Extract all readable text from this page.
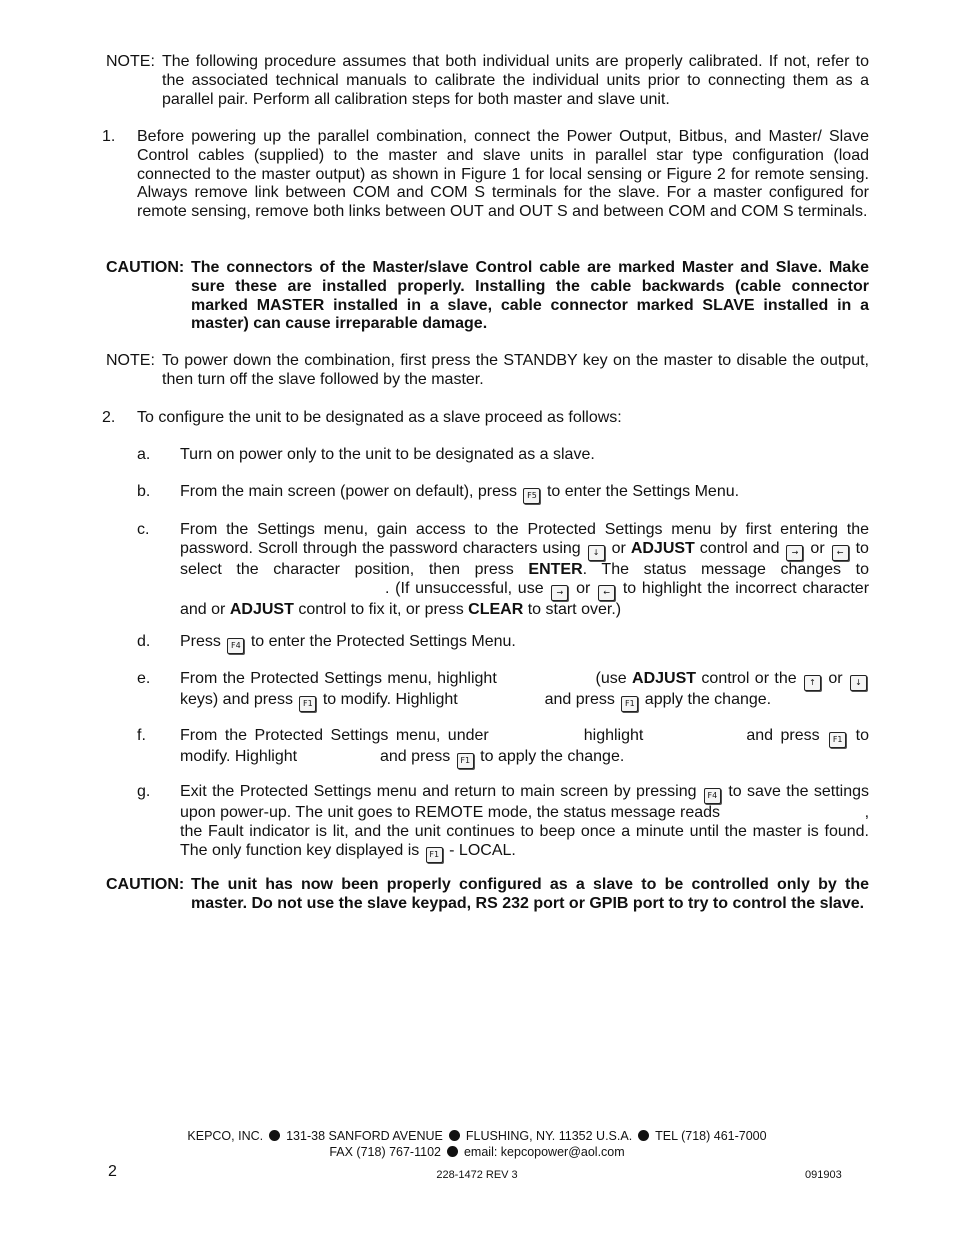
NOTE: The following procedure assumes that both individual units are properly calibrated. If not, refer to the associated technical manuals to calibrate the individual units prior to connecting them as a parallel pair. Perform all calibration steps for both master and slave unit.
1. Before powering up the parallel combination, connect the Power Output, Bitbus, and Master/ Slave Control cables (supplied) to the master and slave units in parallel star type configuration (load connected to the master output) as shown in Figure 1 for local sensing or Figure 2 for remote sensing. Always remove link between COM and COM S terminals for the slave. For a master configured for remote sensing, remove both links between OUT and OUT S and between COM and COM S terminals.
CAUTION: The connectors of the Master/slave Control cable are marked Master and Slave. Make sure these are installed properly. Installing the cable backwards (cable connector marked MASTER installed in a slave, cable connector marked SLAVE installed in a master) can cause irreparable damage.
NOTE: To power down the combination, first press the STANDBY key on the master to disable the output, then turn off the slave followed by the master.
2. To configure the unit to be designated as a slave proceed as follows:
a. Turn on power only to the unit to be designated as a slave.
b. From the main screen (power on default), press F5 to enter the Settings Menu.
c. From the Settings menu, gain access to the Protected Settings menu by first entering the password. Scroll through the password characters using ↓ or ADJUST control and → or ← to select the character position, then press ENTER. The status message changes to . (If unsuccessful, use → or ← to highlight the incorrect character and or ADJUST control to fix it, or press CLEAR to start over.)
d. Press F4 to enter the Protected Settings Menu.
e. From the Protected Settings menu, highlight	(use ADJUST control or the ↑ or ↓ keys) and press F1 to modify. Highlight	and press F1 apply the change.
f. From the Protected Settings menu, under	highlight	and press F1 to modify. Highlight	and press F1 to apply the change.
g. Exit the Protected Settings menu and return to main screen by pressing F4 to save the settings upon power-up. The unit goes to REMOTE mode, the status message reads	, the Fault indicator is lit, and the unit continues to beep once a minute until the master is found. The only function key displayed is F1 - LOCAL.
CAUTION: The unit has now been properly configured as a slave to be controlled only by the master. Do not use the slave keypad, RS 232 port or GPIB port to try to control the slave.
KEPCO, INC. 131-38 SANFORD AVENUE FLUSHING, NY. 11352 U.S.A. TEL (718) 461-7000
FAX (718) 767-1102 email: kepcopower@aol.com
2	228-1472 REV 3	091903
